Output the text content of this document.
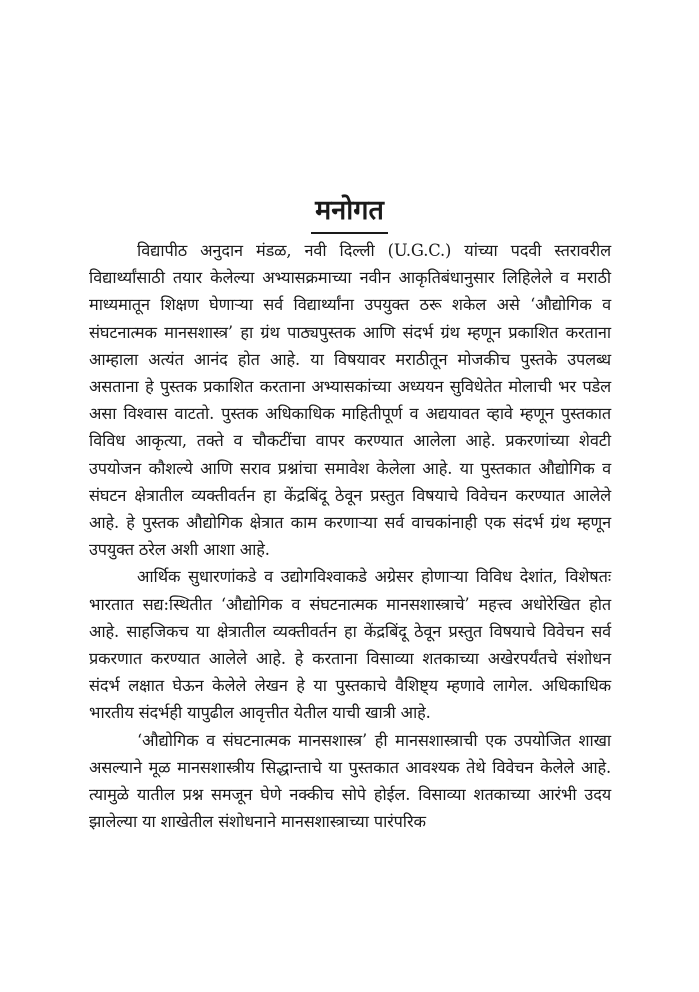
मनोगत

विद्यापीठ अनुदान मंडळ, नवी दिल्ली (U.G.C.) यांच्या पदवी स्तरावरील विद्यार्थ्यांसाठी तयार केलेल्या अभ्यासक्रमाच्या नवीन आकृतिबंधानुसार लिहिलेले व मराठी माध्यमातून शिक्षण घेणाऱ्या सर्व विद्यार्थ्यांना उपयुक्त ठरू शकेल असे ‘औद्योगिक व संघटनात्मक मानसशास्त्र’ हा ग्रंथ पाठ्यपुस्तक आणि संदर्भ ग्रंथ म्हणून प्रकाशित करताना आम्हाला अत्यंत आनंद होत आहे. या विषयावर मराठीतून मोजकीच पुस्तके उपलब्ध असताना हे पुस्तक प्रकाशित करताना अभ्यासकांच्या अध्ययन सुविधेतेत मोलाची भर पडेल असा विश्वास वाटतो. पुस्तक अधिकाधिक माहितीपूर्ण व अद्ययावत व्हावे म्हणून पुस्तकात विविध आकृत्या, तक्ते व चौकटींचा वापर करण्यात आलेला आहे. प्रकरणांच्या शेवटी उपयोजन कौशल्ये आणि सराव प्रश्नांचा समावेश केलेला आहे. या पुस्तकात औद्योगिक व संघटन क्षेत्रातील व्यक्तीवर्तन हा केंद्रबिंदू ठेवून प्रस्तुत विषयाचे विवेचन करण्यात आलेले आहे. हे पुस्तक औद्योगिक क्षेत्रात काम करणाऱ्या सर्व वाचकांनाही एक संदर्भ ग्रंथ म्हणून उपयुक्त ठरेल अशी आशा आहे.

आर्थिक सुधारणांकडे व उद्योगविश्वाकडे अग्रेसर होणाऱ्या विविध देशांत, विशेषतः भारतात सद्य:स्थितीत ‘औद्योगिक व संघटनात्मक मानसशास्त्राचे’ महत्त्व अधोरेखित होत आहे. साहजिकच या क्षेत्रातील व्यक्तीवर्तन हा केंद्रबिंदू ठेवून प्रस्तुत विषयाचे विवेचन सर्व प्रकरणात करण्यात आलेले आहे. हे करताना विसाव्या शतकाच्या अखेरपर्यंतचे संशोधन संदर्भ लक्षात घेऊन केलेले लेखन हे या पुस्तकाचे वैशिष्ट्य म्हणावे लागेल. अधिकाधिक भारतीय संदर्भही यापुढील आवृत्तीत येतील याची खात्री आहे.

‘औद्योगिक व संघटनात्मक मानसशास्त्र’ ही मानसशास्त्राची एक उपयोजित शाखा असल्याने मूळ मानसशास्त्रीय सिद्धान्ताचे या पुस्तकात आवश्यक तेथे विवेचन केलेले आहे. त्यामुळे यातील प्रश्न समजून घेणे नक्कीच सोपे होईल. विसाव्या शतकाच्या आरंभी उदय झालेल्या या शाखेतील संशोधनाने मानसशास्त्राच्या पारंपरिक
